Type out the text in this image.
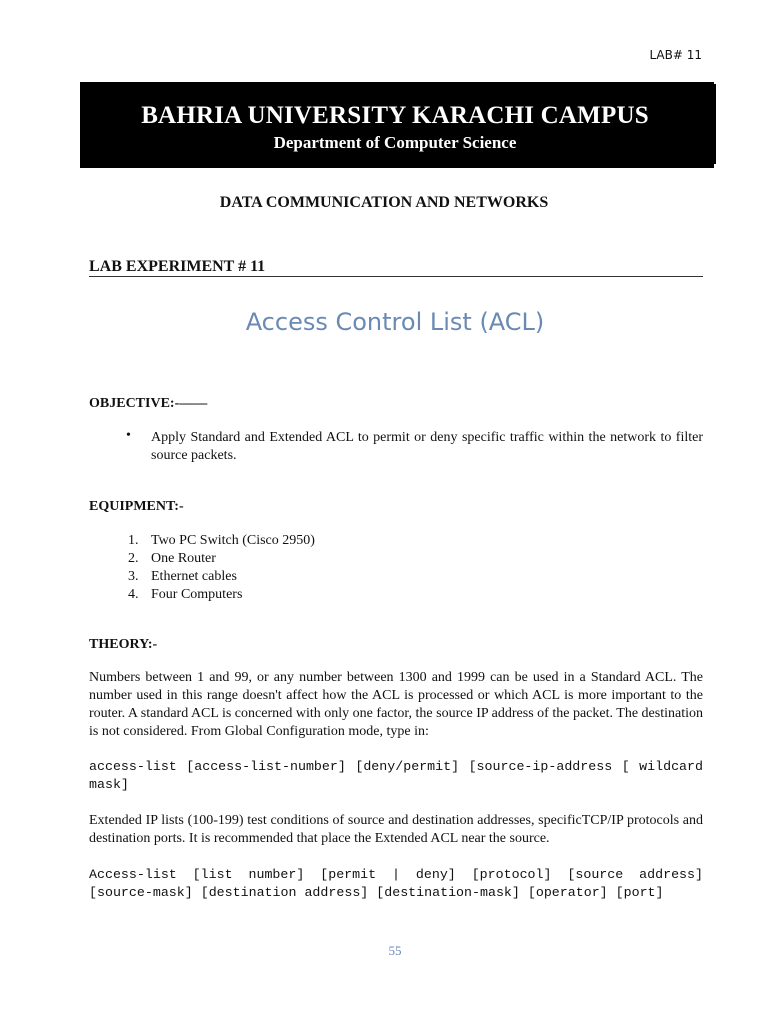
LAB# 11
BAHRIA UNIVERSITY KARACHI CAMPUS
Department of Computer Science
DATA COMMUNICATION AND NETWORKS
LAB EXPERIMENT # 11
Access Control List (ACL)
OBJECTIVE:-——
• Apply Standard and Extended ACL to permit or deny specific traffic within the network to filter source packets.
EQUIPMENT:-
1. Two PC Switch (Cisco 2950)
2. One Router
3. Ethernet cables
4. Four Computers
THEORY:-
Numbers between 1 and 99, or any number between 1300 and 1999 can be used in a Standard ACL. The number used in this range doesn't affect how the ACL is processed or which ACL is more important to the router. A standard ACL is concerned with only one factor, the source IP address of the packet. The destination is not considered. From Global Configuration mode, type in:
access-list [access-list-number] [deny/permit] [source-ip-address [ wildcard mask]
Extended IP lists (100-199) test conditions of source and destination addresses, specificTCP/IP protocols and destination ports. It is recommended that place the Extended ACL near the source.
Access-list [list number] [permit | deny] [protocol] [source address] [source-mask] [destination address] [destination-mask] [operator] [port]
55
